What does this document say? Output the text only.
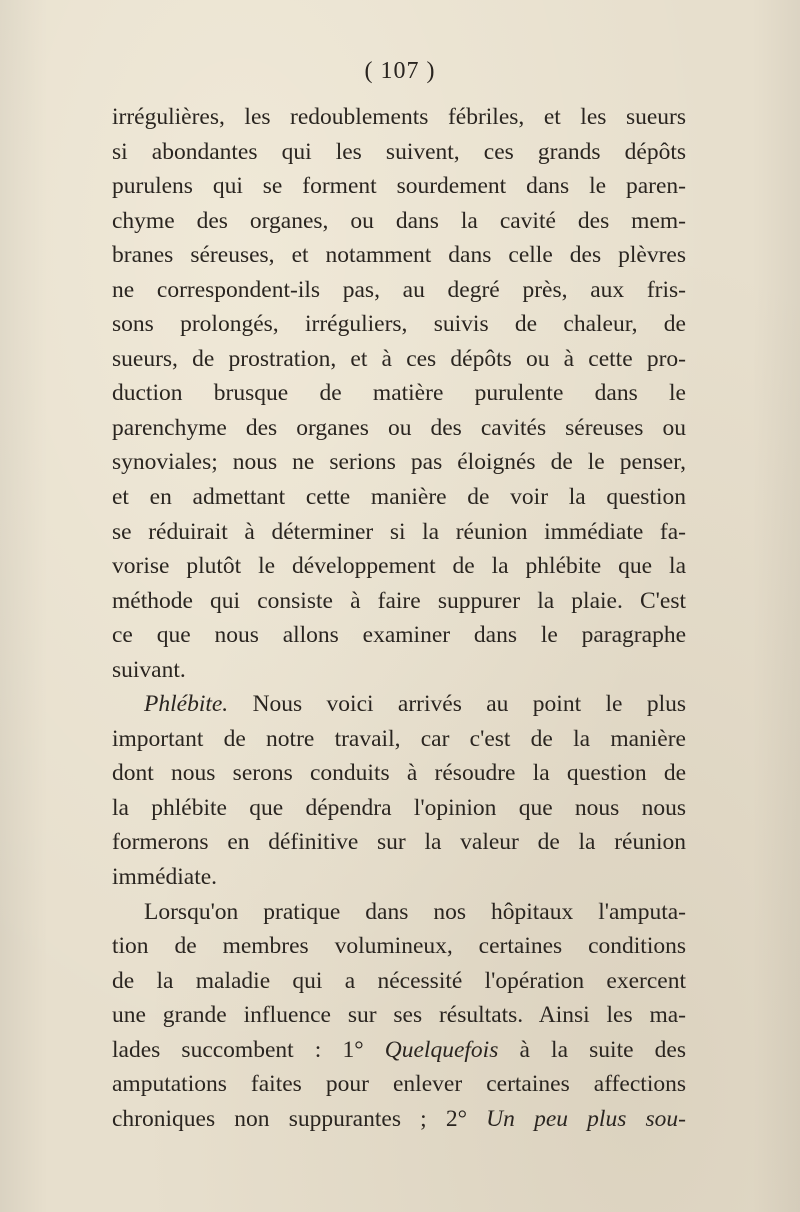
( 107 )
irrégulières, les redoublements fébriles, et les sueurs
si abondantes qui les suivent, ces grands dépôts
purulens qui se forment sourdement dans le paren-
chyme des organes, ou dans la cavité des mem-
branes séreuses, et notamment dans celle des plèvres
ne correspondent-ils pas, au degré près, aux fris-
sons prolongés, irréguliers, suivis de chaleur, de
sueurs, de prostration, et à ces dépôts ou à cette pro-
duction brusque de matière purulente dans le
parenchyme des organes ou des cavités séreuses ou
synoviales; nous ne serions pas éloignés de le penser,
et en admettant cette manière de voir la question
se réduirait à déterminer si la réunion immédiate fa-
vorise plutôt le développement de la phlébite que la
méthode qui consiste à faire suppurer la plaie. C'est
ce que nous allons examiner dans le paragraphe
suivant.
Phlébite. Nous voici arrivés au point le plus
important de notre travail, car c'est de la manière
dont nous serons conduits à résoudre la question de
la phlébite que dépendra l'opinion que nous nous
formerons en définitive sur la valeur de la réunion
immédiate.
Lorsqu'on pratique dans nos hôpitaux l'amputa-
tion de membres volumineux, certaines conditions
de la maladie qui a nécessité l'opération exercent
une grande influence sur ses résultats. Ainsi les ma-
lades succombent : 1° Quelquefois à la suite des
amputations faites pour enlever certaines affections
chroniques non suppurantes ; 2° Un peu plus sou-
